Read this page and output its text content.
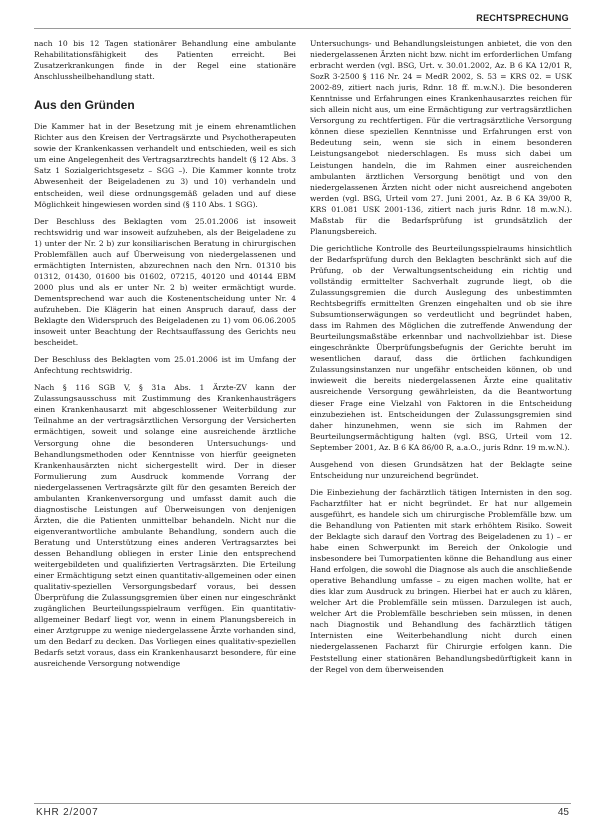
RECHTSPRECHUNG

nach 10 bis 12 Tagen stationärer Behandlung eine ambulante Rehabilitationsfähigkeit des Patienten erreicht. Bei Zusatzerkrankungen finde in der Regel eine stationäre Anschlussheilbehandlung statt.

Aus den Gründen

Die Kammer hat in der Besetzung mit je einem ehrenamtlichen Richter aus den Kreisen der Vertragsärzte und Psychotherapeuten sowie der Krankenkassen verhandelt und entschieden, weil es sich um eine Angelegenheit des Vertragsarztrechts handelt (§ 12 Abs. 3 Satz 1 Sozialgerichtsgesetz – SGG –). Die Kammer konnte trotz Abwesenheit der Beigeladenen zu 3) und 10) verhandeln und entscheiden, weil diese ordnungsgemäß geladen und auf diese Möglichkeit hingewiesen worden sind (§ 110 Abs. 1 SGG).

Der Beschluss des Beklagten vom 25.01.2006 ist insoweit rechtswidrig und war insoweit aufzuheben, als der Beigeladene zu 1) unter der Nr. 2 b) zur konsiliarischen Beratung in chirurgischen Problemfällen auch auf Überweisung von niedergelassenen und ermächtigten Internisten, abzurechnen nach den Nrn. 01310 bis 01312, 01430, 01600 bis 01602, 07215, 40120 und 40144 EBM 2000 plus und als er unter Nr. 2 b) weiter ermächtigt wurde. Dementsprechend war auch die Kostenentscheidung unter Nr. 4 aufzuheben. Die Klägerin hat einen Anspruch darauf, dass der Beklagte den Widerspruch des Beigeladenen zu 1) vom 06.06.2005 insoweit unter Beachtung der Rechtsauffassung des Gerichts neu bescheidet.

Der Beschluss des Beklagten vom 25.01.2006 ist im Umfang der Anfechtung rechtswidrig.

Nach § 116 SGB V, § 31a Abs. 1 Ärzte-ZV kann der Zulassungsausschuss mit Zustimmung des Krankenhausträgers einen Krankenhausarzt mit abgeschlossener Weiterbildung zur Teilnahme an der vertragsärztlichen Versorgung der Versicherten ermächtigen, soweit und solange eine ausreichende ärztliche Versorgung ohne die besonderen Untersuchungs- und Behandlungsmethoden oder Kenntnisse von hierfür geeigneten Krankenhausärzten nicht sichergestellt wird. Der in dieser Formulierung zum Ausdruck kommende Vorrang der niedergelassenen Vertragsärzte gilt für den gesamten Bereich der ambulanten Krankenversorgung und umfasst damit auch die diagnostische Leistungen auf Überweisungen von denjenigen Ärzten, die die Patienten unmittelbar behandeln. Nicht nur die eigenverantwortliche ambulante Behandlung, sondern auch die Beratung und Unterstützung eines anderen Vertragsarztes bei dessen Behandlung obliegen in erster Linie den entsprechend weitergebildeten und qualifizierten Vertragsärzten. Die Erteilung einer Ermächtigung setzt einen quantitativ-allgemeinen oder einen qualitativ-speziellen Versorgungsbedarf voraus, bei dessen Überprüfung die Zulassungsgremien über einen nur eingeschränkt zugänglichen Beurteilungsspielraum verfügen. Ein quantitativ-allgemeiner Bedarf liegt vor, wenn in einem Planungsbereich in einer Arztgruppe zu wenige niedergelassene Ärzte vorhanden sind, um den Bedarf zu decken. Das Vorliegen eines qualitativ-speziellen Bedarfs setzt voraus, dass ein Krankenhausarzt besondere, für eine ausreichende Versorgung notwendige

Untersuchungs- und Behandlungsleistungen anbietet, die von den niedergelassenen Ärzten nicht bzw. nicht im erforderlichen Umfang erbracht werden (vgl. BSG, Urt. v. 30.01.2002, Az. B 6 KA 12/01 R, SozR 3-2500 § 116 Nr. 24 = MedR 2002, S. 53 = KRS 02. = USK 2002-89, zitiert nach juris, Rdnr. 18 ff. m.w.N.). Die besonderen Kenntnisse und Erfahrungen eines Krankenhausarztes reichen für sich allein nicht aus, um eine Ermächtigung zur vertragsärztlichen Versorgung zu rechtfertigen. Für die vertragsärztliche Versorgung können diese speziellen Kenntnisse und Erfahrungen erst von Bedeutung sein, wenn sie sich in einem besonderen Leistungsangebot niederschlagen. Es muss sich dabei um Leistungen handeln, die im Rahmen einer ausreichenden ambulanten ärztlichen Versorgung benötigt und von den niedergelassenen Ärzten nicht oder nicht ausreichend angeboten werden (vgl. BSG, Urteil vom 27. Juni 2001, Az. B 6 KA 39/00 R, KRS 01.081 USK 2001-136, zitiert nach juris Rdnr. 18 m.w.N.). Maßstab für die Bedarfsprüfung ist grundsätzlich der Planungsbereich.

Die gerichtliche Kontrolle des Beurteilungsspielraums hinsichtlich der Bedarfsprüfung durch den Beklagten beschränkt sich auf die Prüfung, ob der Verwaltungsentscheidung ein richtig und vollständig ermittelter Sachverhalt zugrunde liegt, ob die Zulassungsgremien die durch Auslegung des unbestimmten Rechtsbegriffs ermittelten Grenzen eingehalten und ob sie ihre Subsumtionserwägungen so verdeutlicht und begründet haben, dass im Rahmen des Möglichen die zutreffende Anwendung der Beurteilungsmaßstäbe erkennbar und nachvollziehbar ist. Diese eingeschränkte Überprüfungsbefugnis der Gerichte beruht im wesentlichen darauf, dass die örtlichen fachkundigen Zulassungsinstanzen nur ungefähr entscheiden können, ob und inwieweit die bereits niedergelassenen Ärzte eine qualitativ ausreichende Versorgung gewährleisten, da die Beantwortung dieser Frage eine Vielzahl von Faktoren in die Entscheidung einzubeziehen ist. Entscheidungen der Zulassungsgremien sind daher hinzunehmen, wenn sie sich im Rahmen der Beurteilungsermächtigung halten (vgl. BSG, Urteil vom 12. September 2001, Az. B 6 KA 86/00 R, a.a.O., juris Rdnr. 19 m.w.N.).

Ausgehend von diesen Grundsätzen hat der Beklagte seine Entscheidung nur unzureichend begründet.

Die Einbeziehung der fachärztlich tätigen Internisten in den sog. Facharztfilter hat er nicht begründet. Er hat nur allgemein ausgeführt, es handele sich um chirurgische Problemfälle bzw. um die Behandlung von Patienten mit stark erhöhtem Risiko. Soweit der Beklagte sich darauf den Vortrag des Beigeladenen zu 1) – er habe einen Schwerpunkt im Bereich der Onkologie und insbesondere bei Tumorpatienten könne die Behandlung aus einer Hand erfolgen, die sowohl die Diagnose als auch die anschließende operative Behandlung umfasse – zu eigen machen wollte, hat er dies klar zum Ausdruck zu bringen. Hierbei hat er auch zu klären, welcher Art die Problemfälle sein müssen. Darzulegen ist auch, welcher Art die Problemfälle beschrieben sein müssen, in denen nach Diagnostik und Behandlung des fachärztlich tätigen Internisten eine Weiterbehandlung nicht durch einen niedergelassenen Facharzt für Chirurgie erfolgen kann. Die Feststellung einer stationären Behandlungsbedürftigkeit kann in der Regel von dem überweisenden

KHR 2/2007	45
